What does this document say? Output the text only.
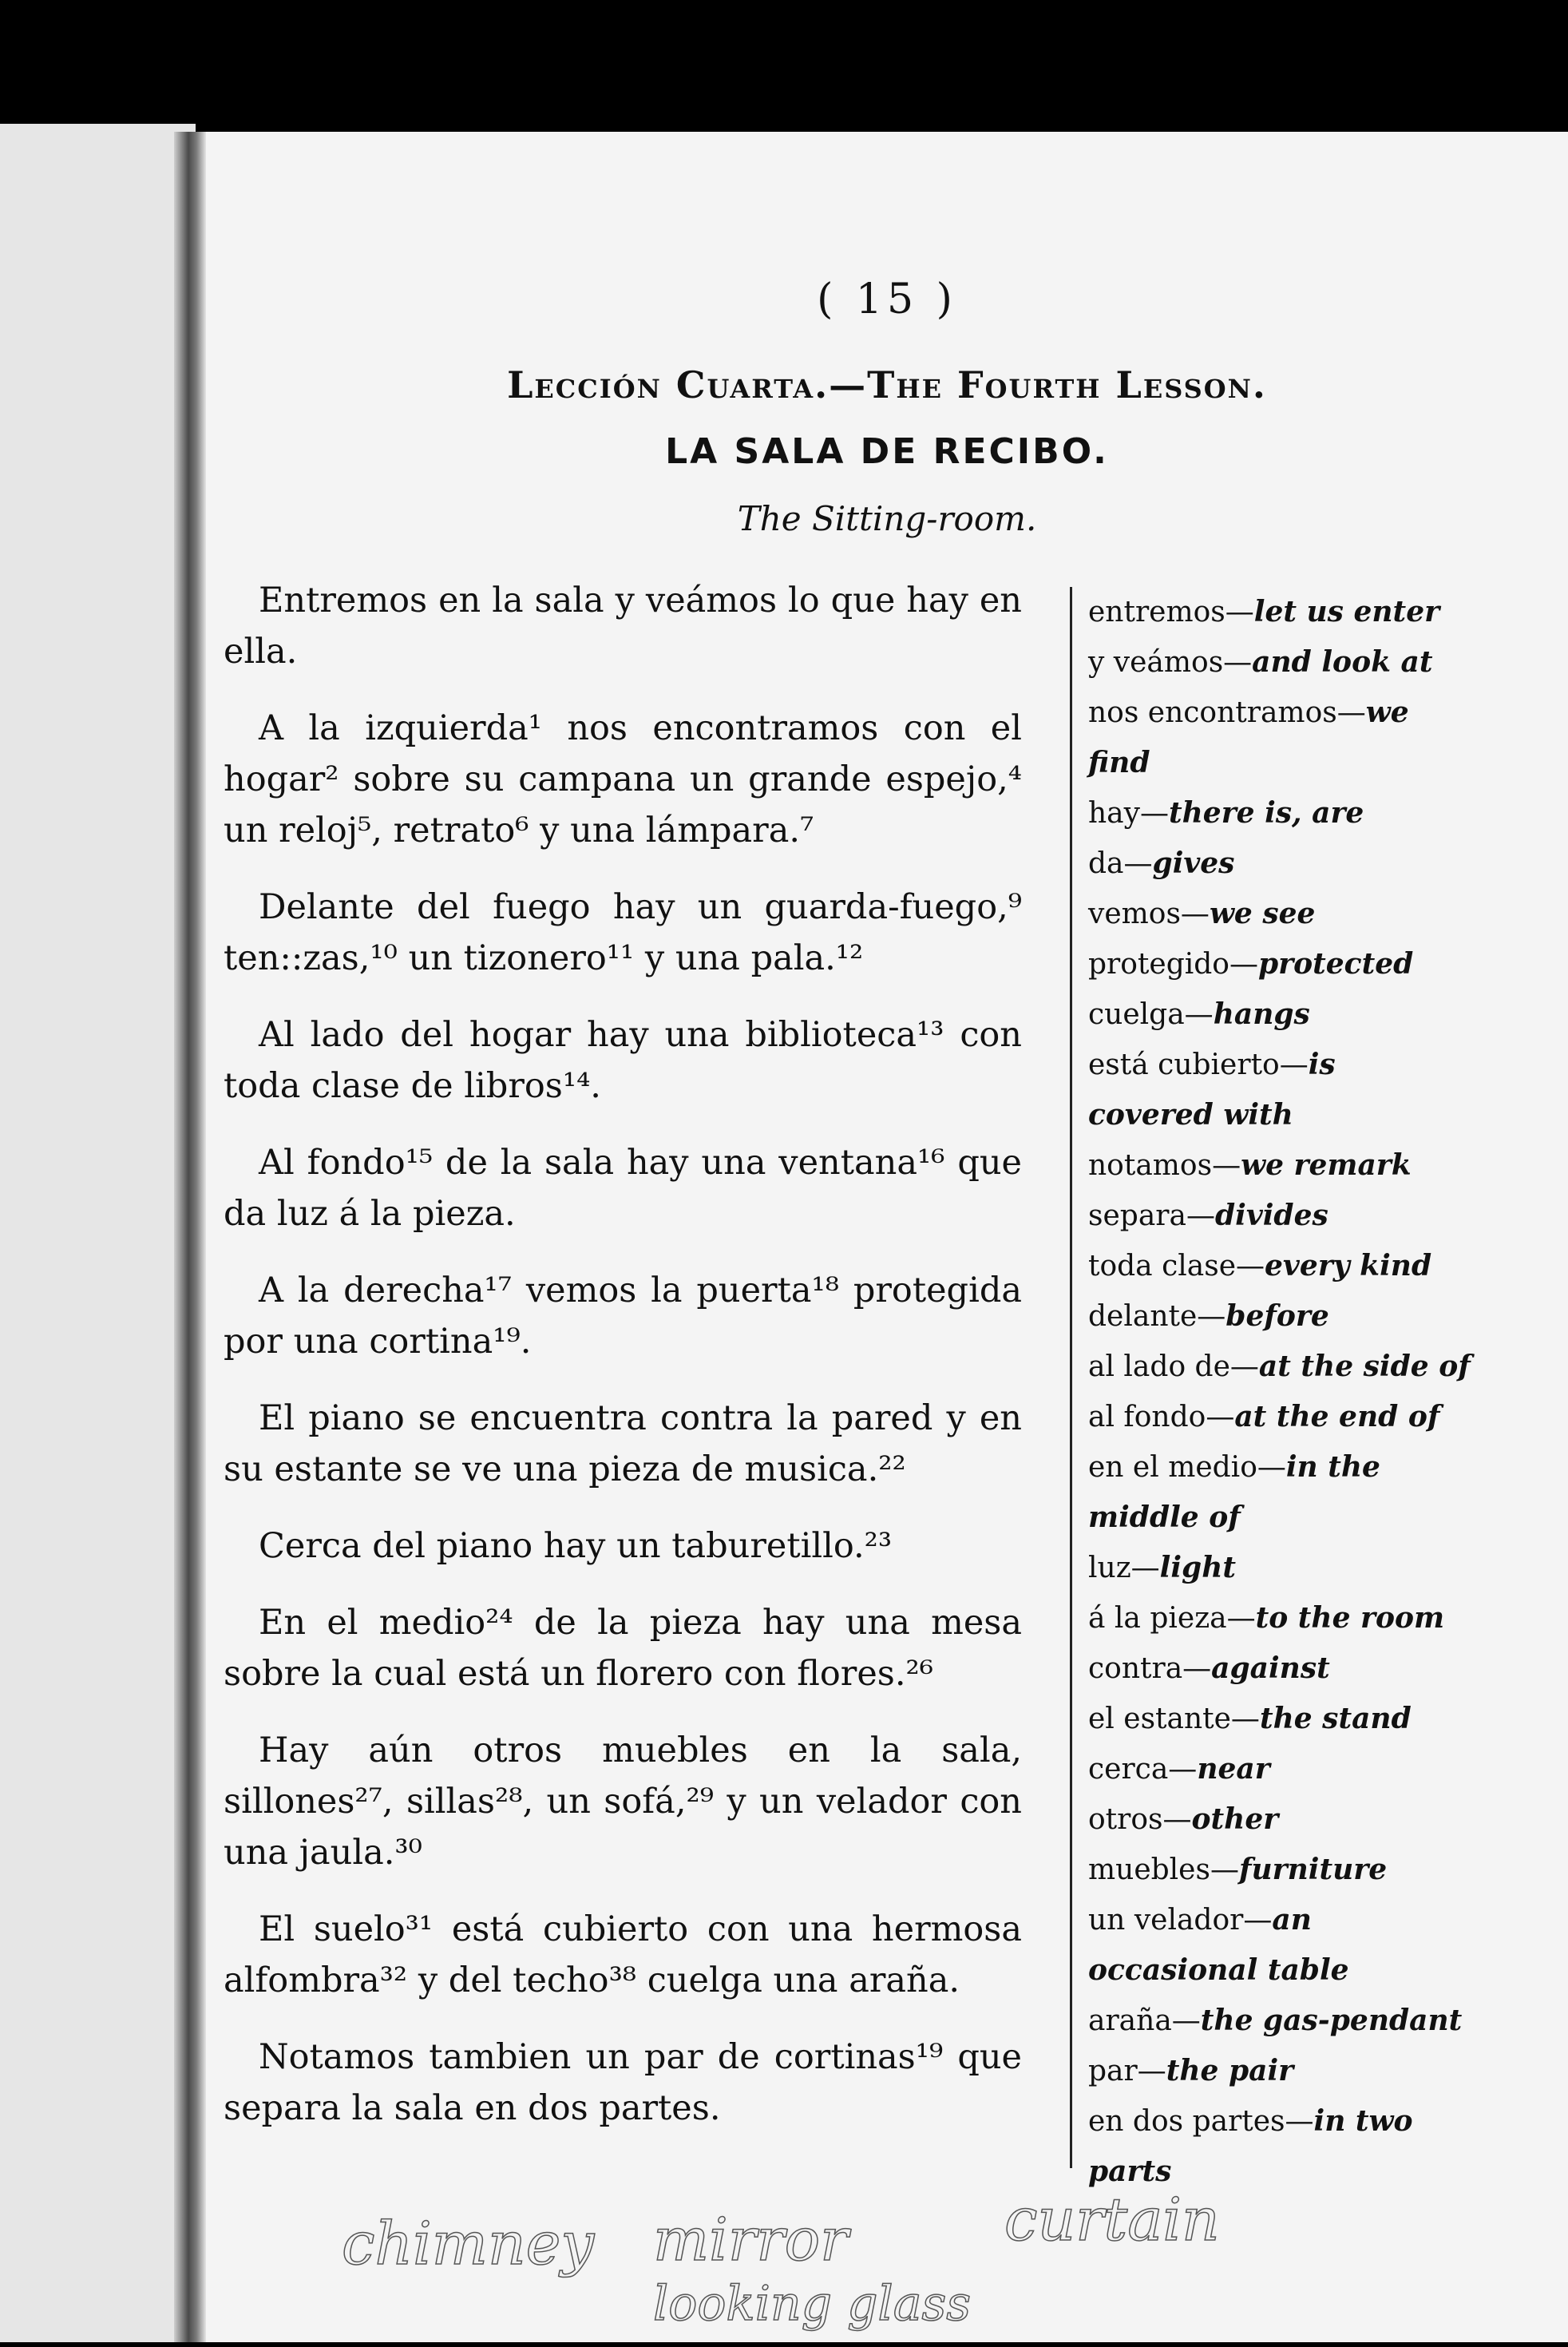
( 15 )
Lección Cuarta.—The Fourth Lesson.
LA SALA DE RECIBO.
The Sitting-room.

Entremos en la sala y veámos lo que hay en ella.

A la izquierda¹ nos encontramos con el hogar² sobre su campana un grande espejo,⁴ un reloj⁵, retrato⁶ y una lámpara.⁷

Delante del fuego hay un guarda-fuego,⁹ ten::zas,¹⁰ un tizonero¹¹ y una pala.¹²

Al lado del hogar hay una biblioteca¹³ con toda clase de libros¹⁴.

Al fondo¹⁵ de la sala hay una ventana¹⁶ que da luz á la pieza.

A la derecha¹⁷ vemos la puerta¹⁸ protegida por una cortina¹⁹.

El piano se encuentra contra la pared y en su estante se ve una pieza de musica.²²

Cerca del piano hay un taburetillo.²³

En el medio²⁴ de la pieza hay una mesa sobre la cual está un florero con flores.²⁶

Hay aún otros muebles en la sala, sillones²⁷, sillas²⁸, un sofá,²⁹ y un velador con una jaula.³⁰

El suelo³¹ está cubierto con una hermosa alfombra³² y del techo³⁸ cuelga una araña.

Notamos tambien un par de cortinas¹⁹ que separa la sala en dos partes.

entremos—let us enter
y veámos—and look at
nos encontramos—we find
hay—there is, are
da—gives
vemos—we see
protegido—protected
cuelga—hangs
está cubierto—is covered with
notamos—we remark
separa—divides
toda clase—every kind
delante—before
al lado de—at the side of
al fondo—at the end of
en el medio—in the middle of
luz—light
á la pieza—to the room
contra—against
el estante—the stand
cerca—near
otros—other
muebles—furniture
un velador—an occasional table
araña—the gas-pendant
par—the pair
en dos partes—in two parts
chimney mirror	curtain
looking glass
